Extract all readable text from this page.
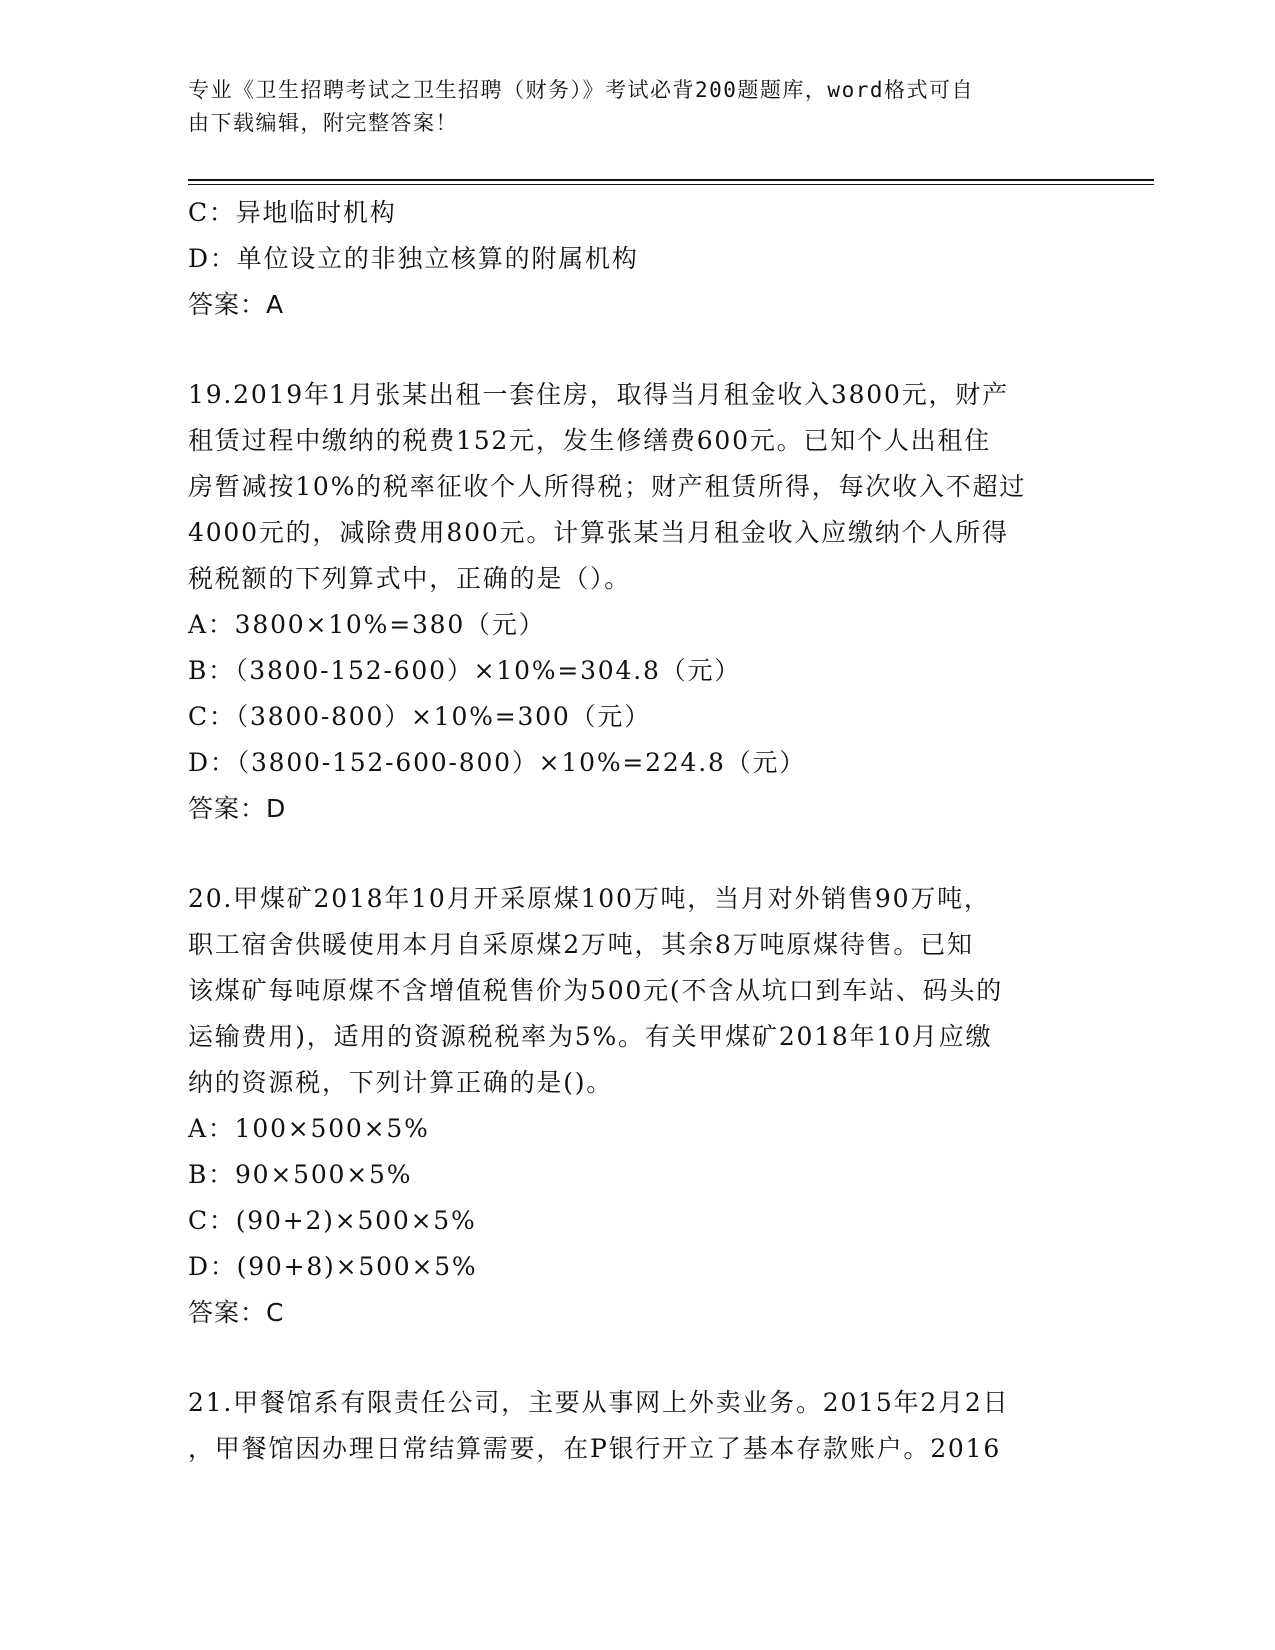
专业《卫生招聘考试之卫生招聘（财务）》考试必背200题题库，word格式可自
由下载编辑，附完整答案！
C：异地临时机构
D：单位设立的非独立核算的附属机构
答案：A
19.2019年1月张某出租一套住房，取得当月租金收入3800元，财产
租赁过程中缴纳的税费152元，发生修缮费600元。已知个人出租住
房暂减按10%的税率征收个人所得税；财产租赁所得，每次收入不超过
4000元的，减除费用800元。计算张某当月租金收入应缴纳个人所得
税税额的下列算式中，正确的是（）。
A：3800×10%=380（元）
B：（3800-152-600）×10%=304.8（元）
C：（3800-800）×10%=300（元）
D：（3800-152-600-800）×10%=224.8（元）
答案：D
20.甲煤矿2018年10月开采原煤100万吨，当月对外销售90万吨，
职工宿舍供暖使用本月自采原煤2万吨，其余8万吨原煤待售。已知
该煤矿每吨原煤不含增值税售价为500元(不含从坑口到车站、码头的
运输费用)，适用的资源税税率为5%。有关甲煤矿2018年10月应缴
纳的资源税，下列计算正确的是()。
A：100×500×5%
B：90×500×5%
C：(90+2)×500×5%
D：(90+8)×500×5%
答案：C
21.甲餐馆系有限责任公司，主要从事网上外卖业务。2015年2月2日
，甲餐馆因办理日常结算需要，在P银行开立了基本存款账户。2016
